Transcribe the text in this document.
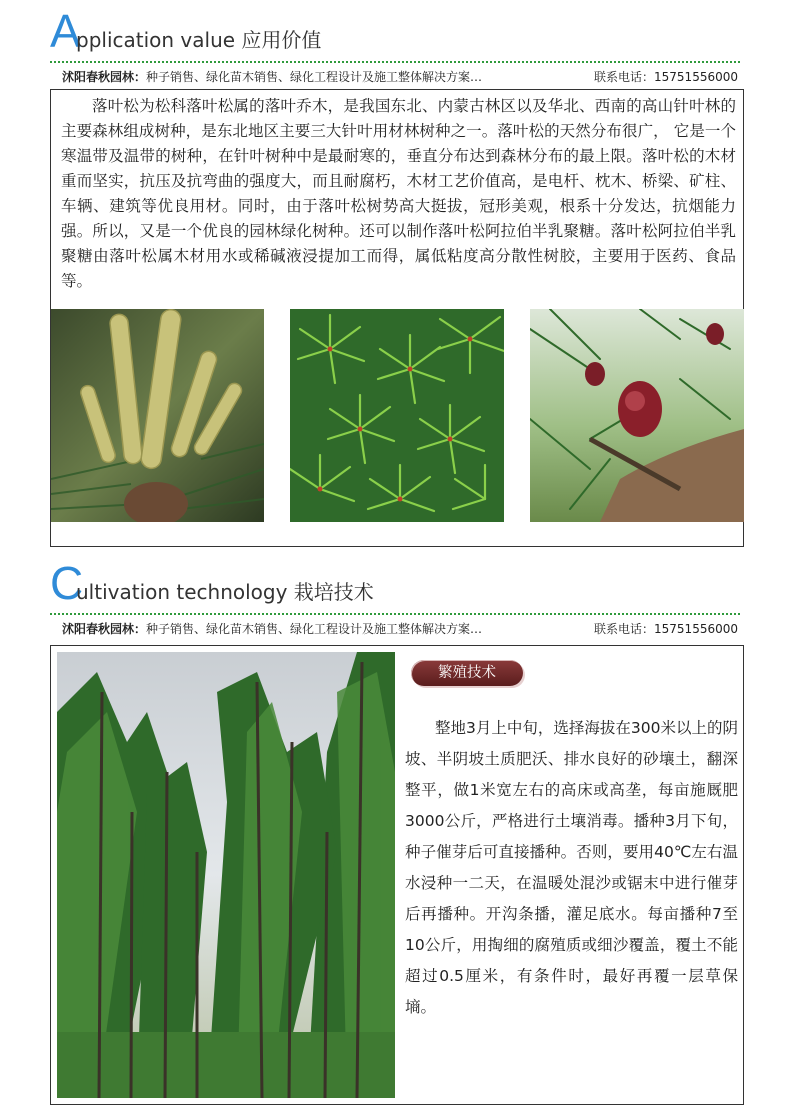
A
pplication value 应用价值
沭阳春秋园林：种子销售、绿化苗木销售、绿化工程设计及施工整体解决方案…	联系电话：15751556000

落叶松为松科落叶松属的落叶乔木，是我国东北、内蒙古林区以及华北、西南的高山针叶林的主要森林组成树种，是东北地区主要三大针叶用材林树种之一。落叶松的天然分布很广， 它是一个寒温带及温带的树种，在针叶树种中是最耐寒的，垂直分布达到森林分布的最上限。落叶松的木材重而坚实，抗压及抗弯曲的强度大，而且耐腐朽，木材工艺价值高，是电杆、枕木、桥梁、矿柱、车辆、建筑等优良用材。同时，由于落叶松树势高大挺拔，冠形美观，根系十分发达，抗烟能力强。所以，又是一个优良的园林绿化树种。还可以制作落叶松阿拉伯半乳聚糖。落叶松阿拉伯半乳聚糖由落叶松属木材用水或稀碱液浸提加工而得，属低粘度高分散性树胶，主要用于医药、食品等。

C
ultivation technology 栽培技术
沭阳春秋园林：种子销售、绿化苗木销售、绿化工程设计及施工整体解决方案…	联系电话：15751556000
繁殖技术

整地3月上中旬，选择海拔在300米以上的阴坡、半阴坡土质肥沃、排水良好的砂壤土，翻深整平，做1米宽左右的高床或高垄，每亩施厩肥3000公斤，严格进行土壤消毒。播种3月下旬，种子催芽后可直接播种。否则，要用40℃左右温水浸种一二天，在温暖处混沙或锯末中进行催芽后再播种。开沟条播，灌足底水。每亩播种7至10公斤，用掏细的腐殖质或细沙覆盖，覆土不能超过0.5厘米，有条件时，最好再覆一层草保墒。
